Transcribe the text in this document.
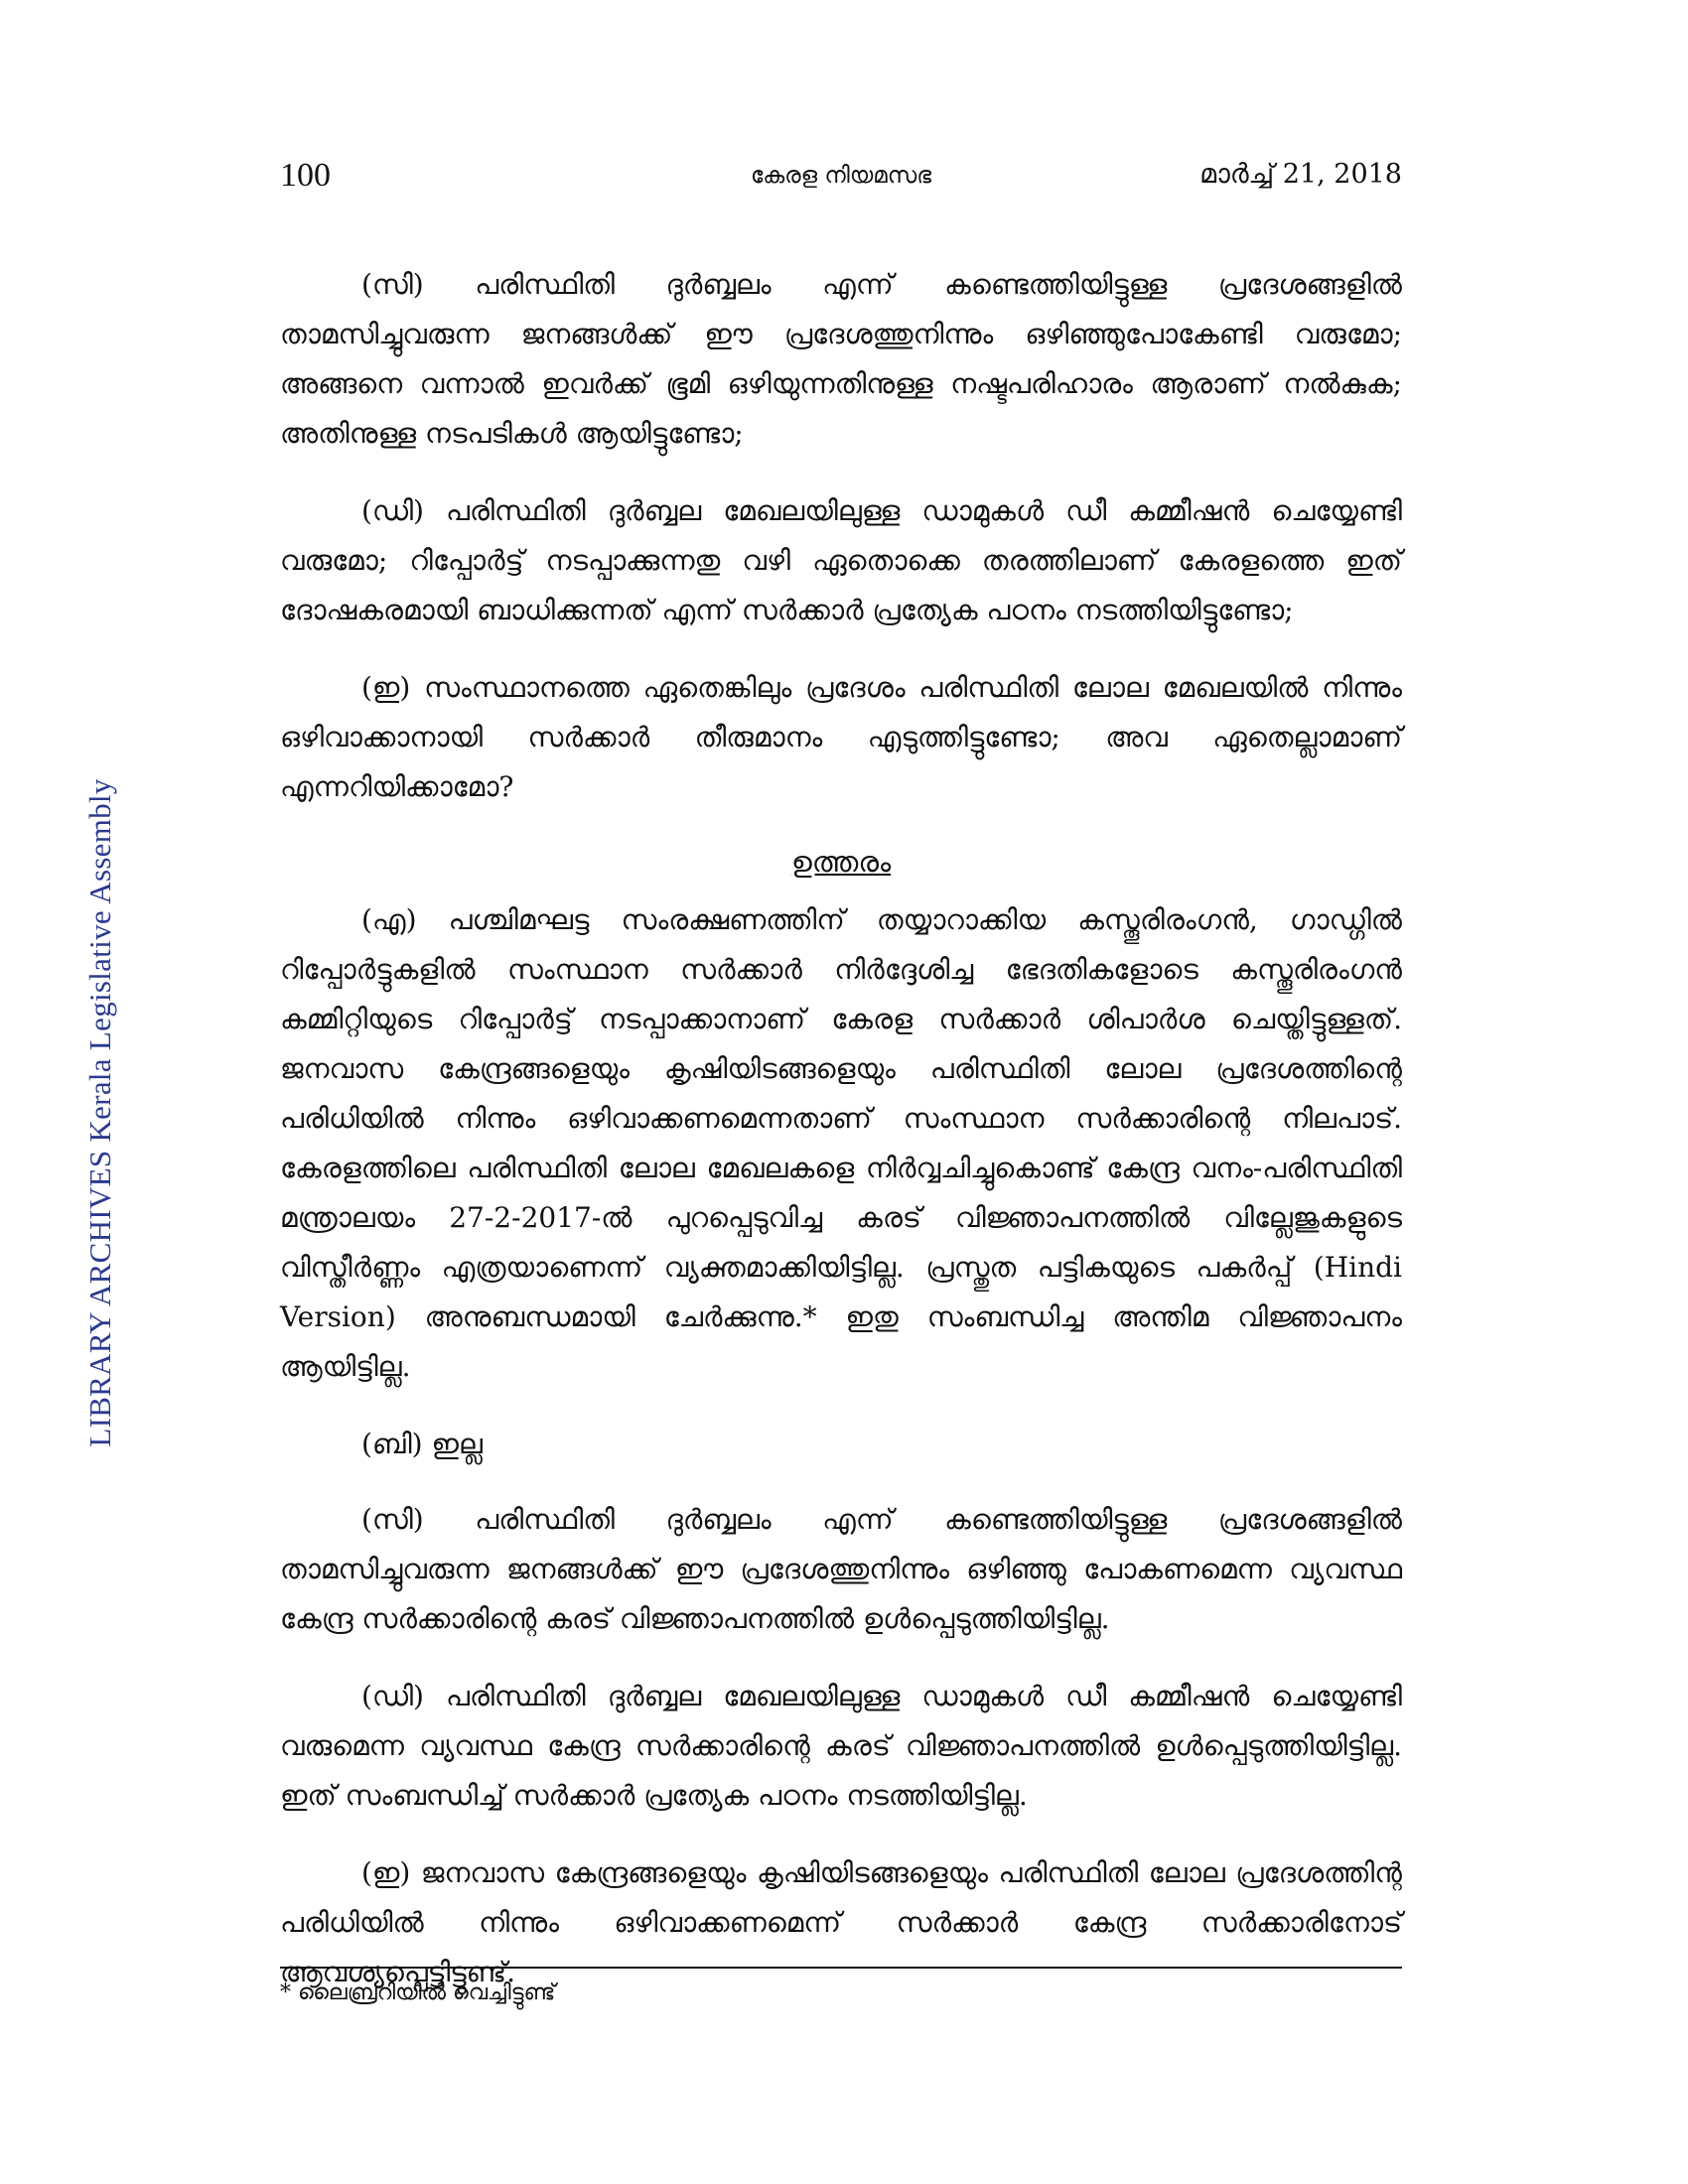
LIBRARY ARCHIVES Kerala Legislative Assembly
100	കേരള നിയമസഭ	മാർച്ച് 21, 2018

(സി) പരിസ്ഥിതി ദുർബ്ബലം എന്ന് കണ്ടെത്തിയിട്ടുള്ള പ്രദേശങ്ങളിൽ താമസിച്ചുവരുന്ന ജനങ്ങൾക്ക് ഈ പ്രദേശത്തുനിന്നും ഒഴിഞ്ഞുപോകേണ്ടി വരുമോ; അങ്ങനെ വന്നാൽ ഇവർക്ക് ഭൂമി ഒഴിയുന്നതിനുള്ള നഷ്ടപരിഹാരം ആരാണ് നൽകുക; അതിനുള്ള നടപടികൾ ആയിട്ടുണ്ടോ;

(ഡി) പരിസ്ഥിതി ദുർബ്ബല മേഖലയിലുള്ള ഡാമുകൾ ഡീ കമ്മീഷൻ ചെയ്യേണ്ടി വരുമോ; റിപ്പോർട്ട് നടപ്പാക്കുന്നതു വഴി ഏതൊക്കെ തരത്തിലാണ് കേരളത്തെ ഇത് ദോഷകരമായി ബാധിക്കുന്നത് എന്ന് സർക്കാർ പ്രത്യേക പഠനം നടത്തിയിട്ടുണ്ടോ;

(ഇ) സംസ്ഥാനത്തെ ഏതെങ്കിലും പ്രദേശം പരിസ്ഥിതി ലോല മേഖലയിൽ നിന്നും ഒഴിവാക്കാനായി സർക്കാർ തീരുമാനം എടുത്തിട്ടുണ്ടോ; അവ ഏതെല്ലാമാണ് എന്നറിയിക്കാമോ?

ഉത്തരം

(എ) പശ്ചിമഘട്ട സംരക്ഷണത്തിന് തയ്യാറാക്കിയ കസ്തൂരിരംഗൻ, ഗാഡ്ഗിൽ റിപ്പോർട്ടുകളിൽ സംസ്ഥാന സർക്കാർ നിർദ്ദേശിച്ച ഭേദതികളോടെ കസ്തൂരിരംഗൻ കമ്മിറ്റിയുടെ റിപ്പോർട്ട് നടപ്പാക്കാനാണ് കേരള സർക്കാർ ശിപാർശ ചെയ്തിട്ടുള്ളത്. ജനവാസ കേന്ദ്രങ്ങളെയും കൃഷിയിടങ്ങളെയും പരിസ്ഥിതി ലോല പ്രദേശത്തിന്റെ പരിധിയിൽ നിന്നും ഒഴിവാക്കണമെന്നതാണ് സംസ്ഥാന സർക്കാരിന്റെ നിലപാട്. കേരളത്തിലെ പരിസ്ഥിതി ലോല മേഖലകളെ നിർവ്വചിച്ചുകൊണ്ട് കേന്ദ്ര വനം-പരിസ്ഥിതി മന്ത്രാലയം 27-2-2017-ൽ പുറപ്പെടുവിച്ച കരട് വിജ്ഞാപനത്തിൽ വില്ലേജുകളുടെ വിസ്തീർണ്ണം എത്രയാണെന്ന് വ്യക്തമാക്കിയിട്ടില്ല. പ്രസ്തുത പട്ടികയുടെ പകർപ്പ് (Hindi Version) അനുബന്ധമായി ചേർക്കുന്നു.* ഇതു സംബന്ധിച്ച അന്തിമ വിജ്ഞാപനം ആയിട്ടില്ല.

(ബി) ഇല്ല

(സി) പരിസ്ഥിതി ദുർബ്ബലം എന്ന് കണ്ടെത്തിയിട്ടുള്ള പ്രദേശങ്ങളിൽ താമസിച്ചുവരുന്ന ജനങ്ങൾക്ക് ഈ പ്രദേശത്തുനിന്നും ഒഴിഞ്ഞു പോകണമെന്ന വ്യവസ്ഥ കേന്ദ്ര സർക്കാരിന്റെ കരട് വിജ്ഞാപനത്തിൽ ഉൾപ്പെടുത്തിയിട്ടില്ല.

(ഡി) പരിസ്ഥിതി ദുർബ്ബല മേഖലയിലുള്ള ഡാമുകൾ ഡീ കമ്മീഷൻ ചെയ്യേണ്ടി വരുമെന്ന വ്യവസ്ഥ കേന്ദ്ര സർക്കാരിന്റെ കരട് വിജ്ഞാപനത്തിൽ ഉൾപ്പെടുത്തിയിട്ടില്ല. ഇത് സംബന്ധിച്ച് സർക്കാർ പ്രത്യേക പഠനം നടത്തിയിട്ടില്ല.

(ഇ) ജനവാസ കേന്ദ്രങ്ങളെയും കൃഷിയിടങ്ങളെയും പരിസ്ഥിതി ലോല പ്രദേശത്തിന്റ പരിധിയിൽ നിന്നും ഒഴിവാക്കണമെന്ന് സർക്കാർ കേന്ദ്ര സർക്കാരിനോട് ആവശ്യപ്പെട്ടിട്ടുണ്ട്.

* ലൈബ്രറിയിൽ വെച്ചിട്ടുണ്ട്
